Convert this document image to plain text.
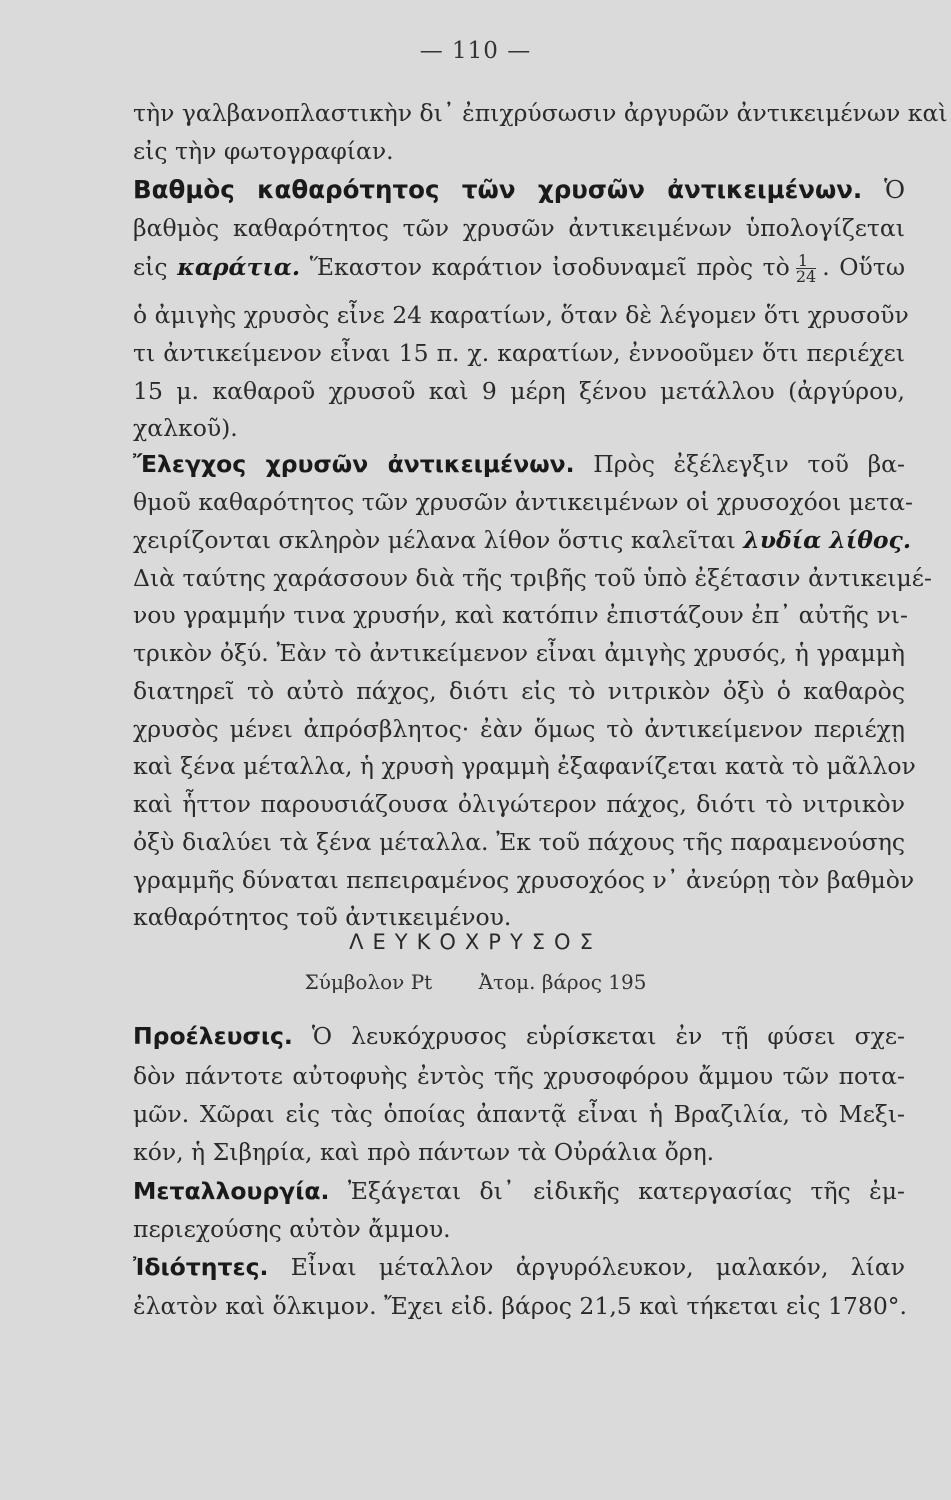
— 110 —
τὴν γαλβανοπλαστικὴν δι᾽ ἐπιχρύσωσιν ἀργυρῶν ἀντικειμένων καὶ
εἰς τὴν φωτογραφίαν.
Βαθμὸς καθαρότητος τῶν χρυσῶν ἀντικειμένων. Ὁ
βαθμὸς καθαρότητος τῶν χρυσῶν ἀντικειμένων ὑπολογίζεται
εἰς καράτια. Ἕκαστον καράτιον ἰσοδυναμεῖ πρὸς τὸ $\frac{1}{24}$ . Οὕτω
ὁ ἀμιγὴς χρυσὸς εἶνε 24 καρατίων, ὅταν δὲ λέγομεν ὅτι χρυσοῦν
τι ἀντικείμενον εἶναι 15 π. χ. καρατίων, ἐννοοῦμεν ὅτι περιέχει
15 μ. καθαροῦ χρυσοῦ καὶ 9 μέρη ξένου μετάλλου (ἀργύρου,
χαλκοῦ).
Ἔλεγχος χρυσῶν ἀντικειμένων. Πρὸς ἐξέλεγξιν τοῦ βα-
θμοῦ καθαρότητος τῶν χρυσῶν ἀντικειμένων οἱ χρυσοχόοι μετα-
χειρίζονται σκληρὸν μέλανα λίθον ὅστις καλεῖται λυδία λίθος.
Διὰ ταύτης χαράσσουν διὰ τῆς τριβῆς τοῦ ὑπὸ ἐξέτασιν ἀντικειμέ-
νου γραμμήν τινα χρυσήν, καὶ κατόπιν ἐπιστάζουν ἐπ᾽ αὐτῆς νι-
τρικὸν ὀξύ. Ἐὰν τὸ ἀντικείμενον εἶναι ἀμιγὴς χρυσός, ἡ γραμμὴ
διατηρεῖ τὸ αὐτὸ πάχος, διότι εἰς τὸ νιτρικὸν ὀξὺ ὁ καθαρὸς
χρυσὸς μένει ἀπρόσβλητος· ἐὰν ὅμως τὸ ἀντικείμενον περιέχῃ
καὶ ξένα μέταλλα, ἡ χρυσὴ γραμμὴ ἐξαφανίζεται κατὰ τὸ μᾶλλον
καὶ ἧττον παρουσιάζουσα ὀλιγώτερον πάχος, διότι τὸ νιτρικὸν
ὀξὺ διαλύει τὰ ξένα μέταλλα. Ἐκ τοῦ πάχους τῆς παραμενούσης
γραμμῆς δύναται πεπειραμένος χρυσοχόος ν᾽ ἀνεύρῃ τὸν βαθμὸν
καθαρότητος τοῦ ἀντικειμένου.
ΛΕΥΚΟΧΡΥΣΟΣ
Σύμβολον Pt Ἀτομ. βάρος 195
Προέλευσις. Ὁ λευκόχρυσος εὑρίσκεται ἐν τῇ φύσει σχε-
δὸν πάντοτε αὐτοφυὴς ἐντὸς τῆς χρυσοφόρου ἄμμου τῶν ποτα-
μῶν. Χῶραι εἰς τὰς ὁποίας ἀπαντᾷ εἶναι ἡ Βραζιλία, τὸ Μεξι-
κόν, ἡ Σιβηρία, καὶ πρὸ πάντων τὰ Οὐράλια ὄρη.
Μεταλλουργία. Ἐξάγεται δι᾽ εἰδικῆς κατεργασίας τῆς ἐμ-
περιεχούσης αὐτὸν ἄμμου.
Ἰδιότητες. Εἶναι μέταλλον ἀργυρόλευκον, μαλακόν, λίαν
ἐλατὸν καὶ ὅλκιμον. Ἔχει εἰδ. βάρος 21,5 καὶ τήκεται εἰς 1780°.
